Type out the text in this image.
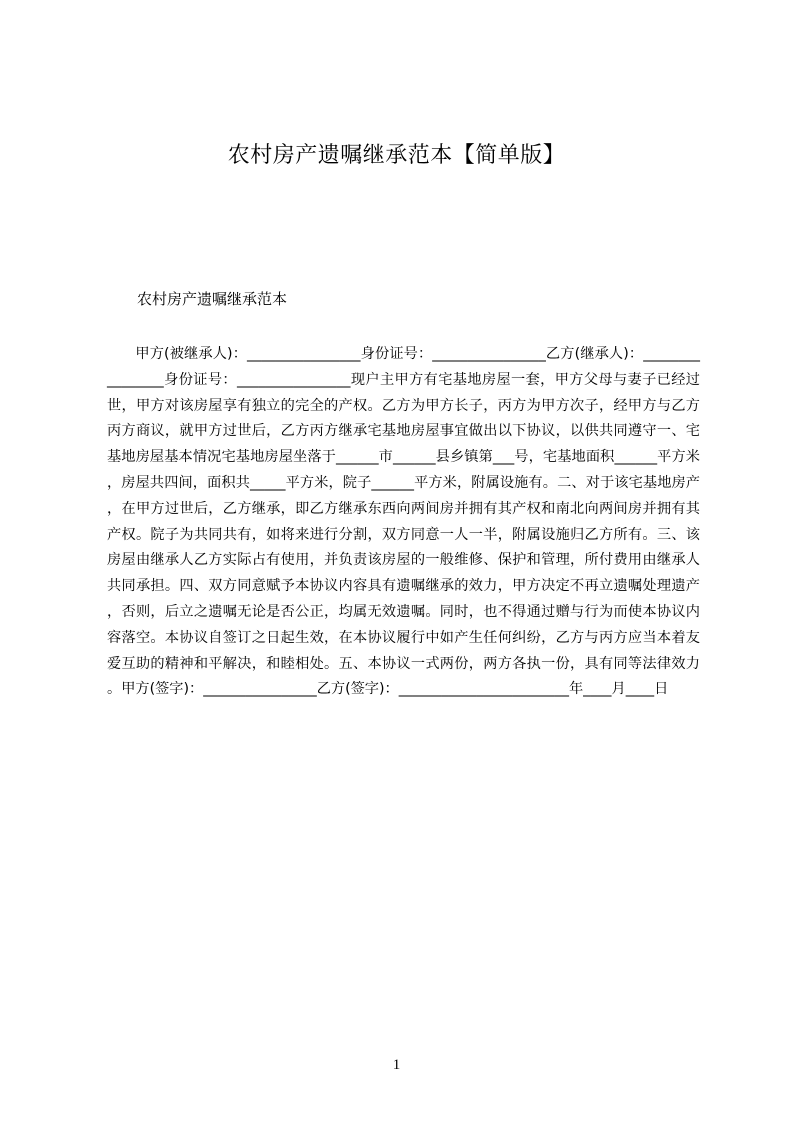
农村房产遗嘱继承范本【简单版】

农村房产遗嘱继承范本

甲方(被继承人)：________________身份证号：________________乙方(继承人)：________________身份证号：________________现户主甲方有宅基地房屋一套，甲方父母与妻子已经过世，甲方对该房屋享有独立的完全的产权。乙方为甲方长子，丙方为甲方次子，经甲方与乙方丙方商议，就甲方过世后，乙方丙方继承宅基地房屋事宜做出以下协议，以供共同遵守一、宅基地房屋基本情况宅基地房屋坐落于______市______县乡镇第___号，宅基地面积______平方米，房屋共四间，面积共_____平方米，院子______平方米，附属设施有。二、对于该宅基地房产，在甲方过世后，乙方继承，即乙方继承东西向两间房并拥有其产权和南北向两间房并拥有其产权。院子为共同共有，如将来进行分割，双方同意一人一半，附属设施归乙方所有。三、该房屋由继承人乙方实际占有使用，并负责该房屋的一般维修、保护和管理，所付费用由继承人共同承担。四、双方同意赋予本协议内容具有遗嘱继承的效力，甲方决定不再立遗嘱处理遗产，否则，后立之遗嘱无论是否公正，均属无效遗嘱。同时，也不得通过赠与行为而使本协议内容落空。本协议自签订之日起生效，在本协议履行中如产生任何纠纷，乙方与丙方应当本着友爱互助的精神和平解决，和睦相处。五、本协议一式两份，两方各执一份，具有同等法律效力。甲方(签字)：________________乙方(签字)：________________________年____月____日

1
